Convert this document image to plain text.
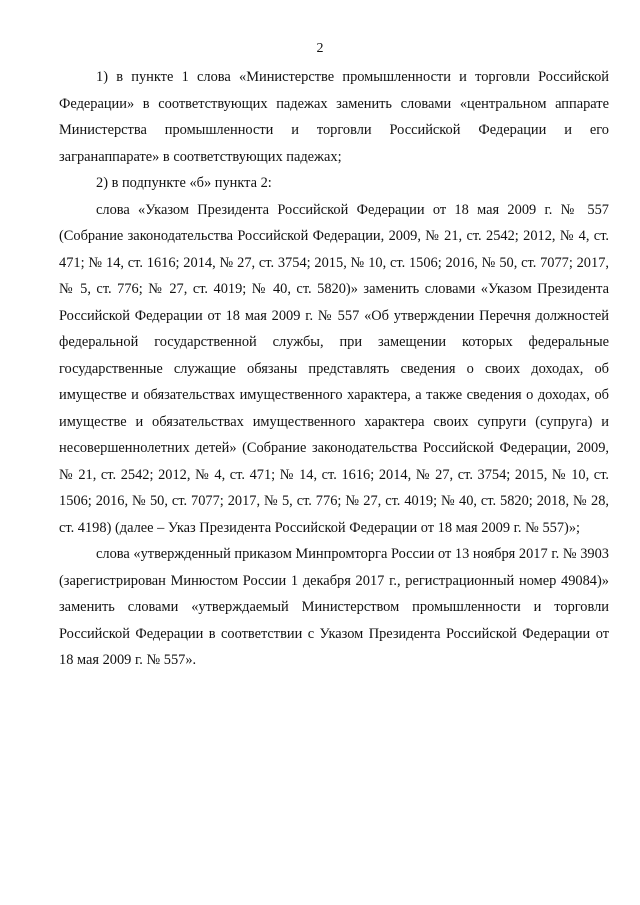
2

1) в пункте 1 слова «Министерстве промышленности и торговли Российской Федерации» в соответствующих падежах заменить словами «центральном аппарате Министерства промышленности и торговли Российской Федерации и его загранаппарате» в соответствующих падежах;

2) в подпункте «б» пункта 2:

слова «Указом Президента Российской Федерации от 18 мая 2009 г. № 557 (Собрание законодательства Российской Федерации, 2009, № 21, ст. 2542; 2012, № 4, ст. 471; № 14, ст. 1616; 2014, № 27, ст. 3754; 2015, № 10, ст. 1506; 2016, № 50, ст. 7077; 2017, № 5, ст. 776; № 27, ст. 4019; № 40, ст. 5820)» заменить словами «Указом Президента Российской Федерации от 18 мая 2009 г. № 557 «Об утверждении Перечня должностей федеральной государственной службы, при замещении которых федеральные государственные служащие обязаны представлять сведения о своих доходах, об имуществе и обязательствах имущественного характера, а также сведения о доходах, об имуществе и обязательствах имущественного характера своих супруги (супруга) и несовершеннолетних детей» (Собрание законодательства Российской Федерации, 2009, № 21, ст. 2542; 2012, № 4, ст. 471; № 14, ст. 1616; 2014, № 27, ст. 3754; 2015, № 10, ст. 1506; 2016, № 50, ст. 7077; 2017, № 5, ст. 776; № 27, ст. 4019; № 40, ст. 5820; 2018, № 28, ст. 4198) (далее – Указ Президента Российской Федерации от 18 мая 2009 г. № 557)»;

слова «утвержденный приказом Минпромторга России от 13 ноября 2017 г. № 3903 (зарегистрирован Минюстом России 1 декабря 2017 г., регистрационный номер 49084)» заменить словами «утверждаемый Министерством промышленности и торговли Российской Федерации в соответствии с Указом Президента Российской Федерации от 18 мая 2009 г. № 557».
